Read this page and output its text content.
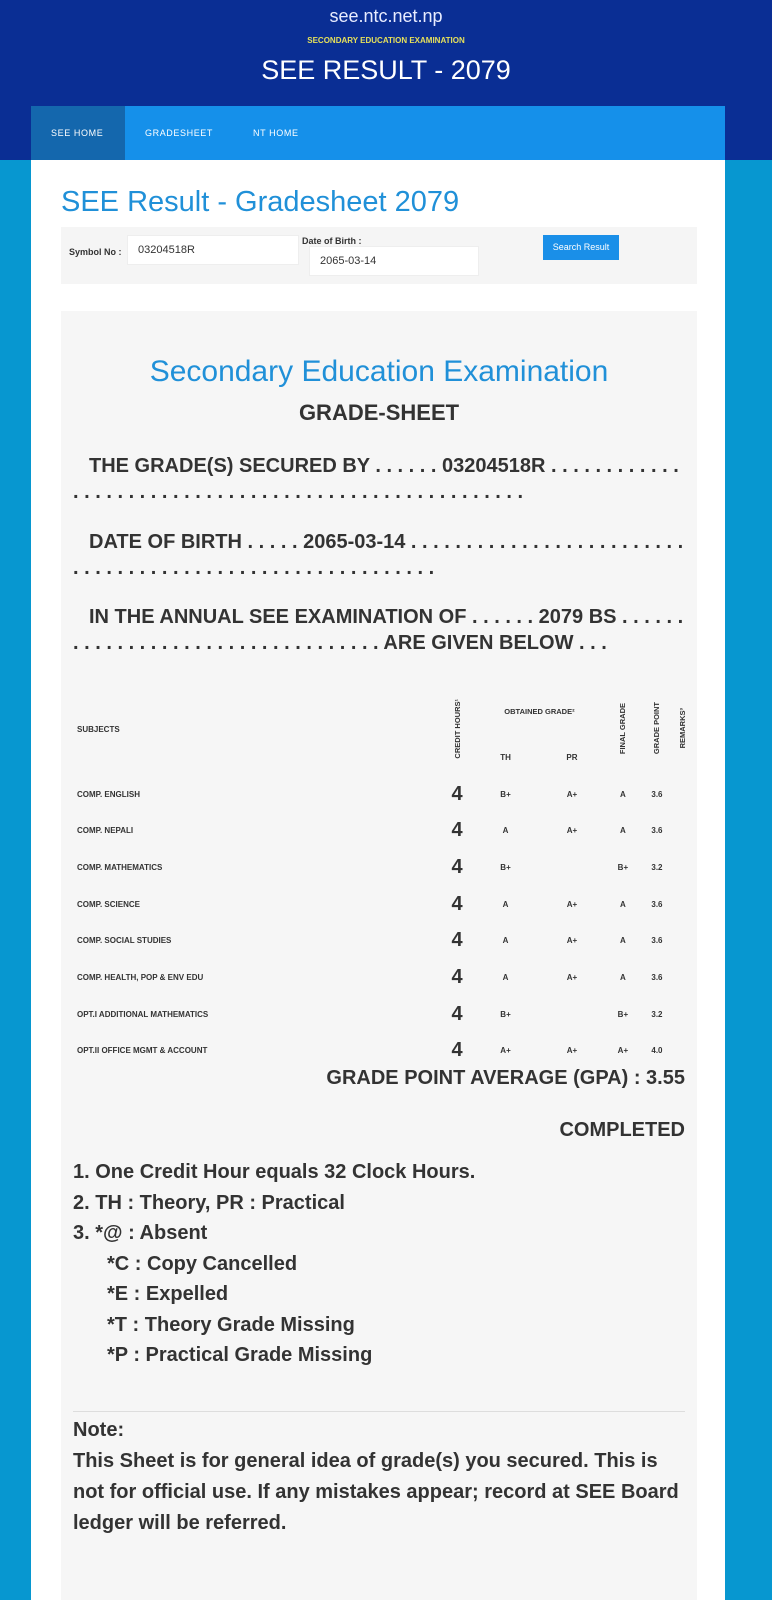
see.ntc.net.np
SECONDARY EDUCATION EXAMINATION
SEE RESULT - 2079
SEE HOME	GRADESHEET	NT HOME
SEE Result - Gradesheet 2079
Symbol No :	03204518R
Date of Birth :
2065-03-14
Search Result
Secondary Education Examination
GRADE-SHEET
THE GRADE(S) SECURED BY . . . . . . 03204518R . . . . . . . . . . . . . . . . . . . . . . . . . . . . . . . . . . . . . . . . . . . . . . . . . . . . .
DATE OF BIRTH . . . . . 2065-03-14 . . . . . . . . . . . . . . . . . . . . . . . . . . . . . . . . . . . . . . . . . . . . . . . . . . . . . . . . . .
IN THE ANNUAL SEE EXAMINATION OF . . . . . . 2079 BS . . . . . . . . . . . . . . . . . . . . . . . . . . . . . . . . . . ARE GIVEN BELOW . . .
SUBJECTS	CREDIT HOURS¹	OBTAINED GRADE²		FINAL GRADE	GRADE POINT	REMARKS³
		TH	PR			
COMP. ENGLISH	4	B+	A+	A	3.6	
COMP. NEPALI	4	A	A+	A	3.6	
COMP. MATHEMATICS	4	B+		B+	3.2	
COMP. SCIENCE	4	A	A+	A	3.6	
COMP. SOCIAL STUDIES	4	A	A+	A	3.6	
COMP. HEALTH, POP & ENV EDU	4	A	A+	A	3.6	
OPT.I ADDITIONAL MATHEMATICS	4	B+		B+	3.2	
OPT.II OFFICE MGMT & ACCOUNT	4	A+	A+	A+	4.0	
GRADE POINT AVERAGE (GPA) : 3.55
COMPLETED
1. One Credit Hour equals 32 Clock Hours.
2. TH : Theory, PR : Practical
3. *@ : Absent
*C : Copy Cancelled
*E : Expelled
*T : Theory Grade Missing
*P : Practical Grade Missing
Note:
This Sheet is for general idea of grade(s) you secured. This is not for official use. If any mistakes appear; record at SEE Board ledger will be referred.
